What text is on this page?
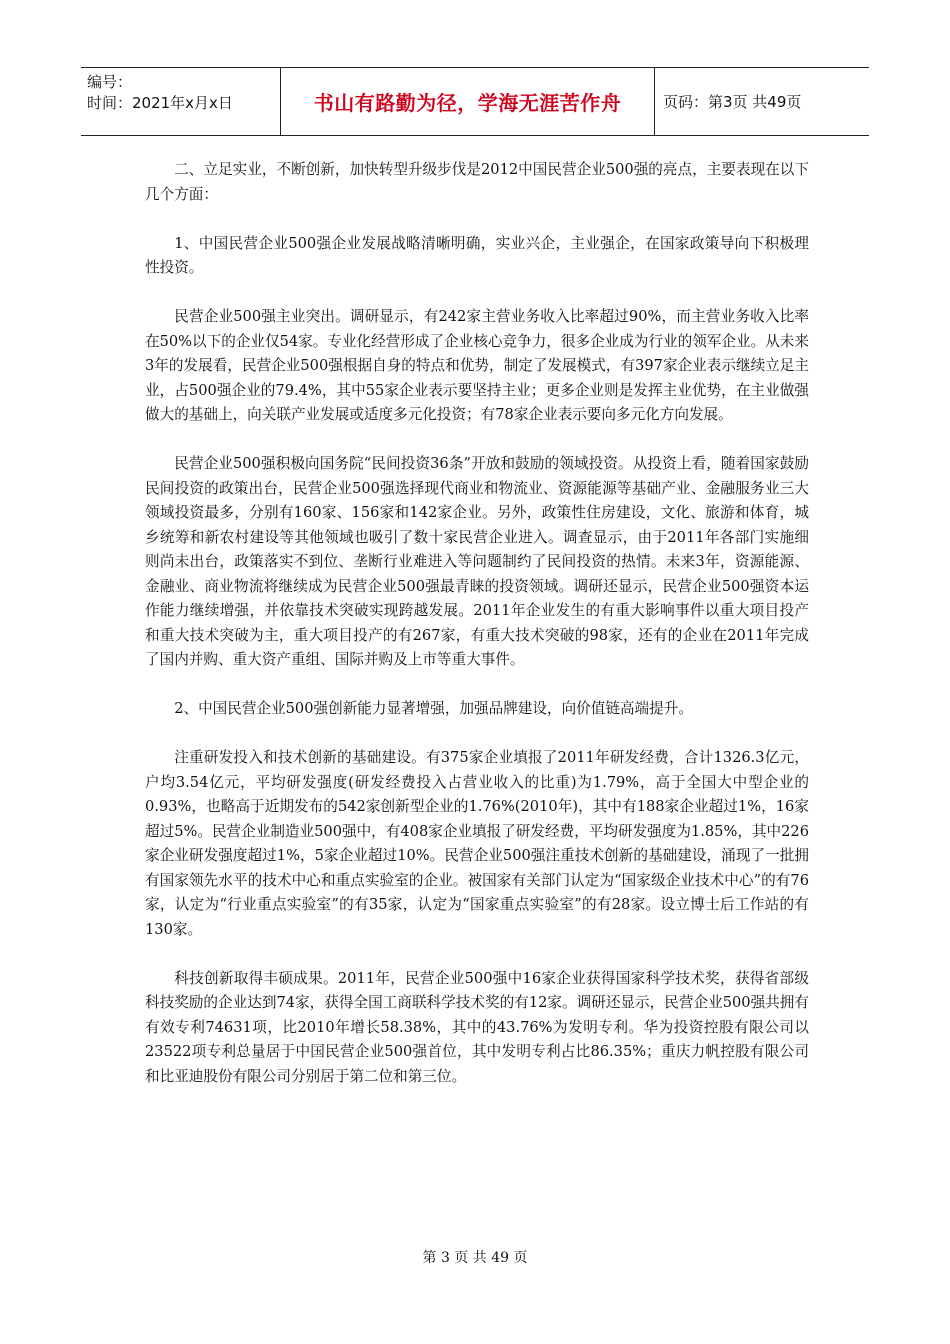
编号：
时间：2021年x月x日	书山有路勤为径，学海无涯苦作舟	页码：第3页 共49页

二、立足实业，不断创新，加快转型升级步伐是2012中国民营企业500强的亮点，主要表现在以下几个方面：

1、中国民营企业500强企业发展战略清晰明确，实业兴企，主业强企，在国家政策导向下积极理性投资。

民营企业500强主业突出。调研显示，有242家主营业务收入比率超过90%，而主营业务收入比率在50%以下的企业仅54家。专业化经营形成了企业核心竞争力，很多企业成为行业的领军企业。从未来3年的发展看，民营企业500强根据自身的特点和优势，制定了发展模式，有397家企业表示继续立足主业，占500强企业的79.4%，其中55家企业表示要坚持主业；更多企业则是发挥主业优势，在主业做强做大的基础上，向关联产业发展或适度多元化投资；有78家企业表示要向多元化方向发展。

民营企业500强积极向国务院“民间投资36条”开放和鼓励的领域投资。从投资上看，随着国家鼓励民间投资的政策出台，民营企业500强选择现代商业和物流业、资源能源等基础产业、金融服务业三大领域投资最多，分别有160家、156家和142家企业。另外，政策性住房建设，文化、旅游和体育，城乡统筹和新农村建设等其他领域也吸引了数十家民营企业进入。调查显示，由于2011年各部门实施细则尚未出台，政策落实不到位、垄断行业难进入等问题制约了民间投资的热情。未来3年，资源能源、金融业、商业物流将继续成为民营企业500强最青睐的投资领域。调研还显示，民营企业500强资本运作能力继续增强，并依靠技术突破实现跨越发展。2011年企业发生的有重大影响事件以重大项目投产和重大技术突破为主，重大项目投产的有267家，有重大技术突破的98家，还有的企业在2011年完成了国内并购、重大资产重组、国际并购及上市等重大事件。

2、中国民营企业500强创新能力显著增强，加强品牌建设，向价值链高端提升。

注重研发投入和技术创新的基础建设。有375家企业填报了2011年研发经费，合计1326.3亿元，户均3.54亿元，平均研发强度(研发经费投入占营业收入的比重)为1.79%，高于全国大中型企业的0.93%，也略高于近期发布的542家创新型企业的1.76%(2010年)，其中有188家企业超过1%，16家超过5%。民营企业制造业500强中，有408家企业填报了研发经费，平均研发强度为1.85%，其中226家企业研发强度超过1%，5家企业超过10%。民营企业500强注重技术创新的基础建设，涌现了一批拥有国家领先水平的技术中心和重点实验室的企业。被国家有关部门认定为“国家级企业技术中心”的有76家，认定为“行业重点实验室”的有35家，认定为“国家重点实验室”的有28家。设立博士后工作站的有130家。

科技创新取得丰硕成果。2011年，民营企业500强中16家企业获得国家科学技术奖，获得省部级科技奖励的企业达到74家，获得全国工商联科学技术奖的有12家。调研还显示，民营企业500强共拥有有效专利74631项，比2010年增长58.38%，其中的43.76%为发明专利。华为投资控股有限公司以23522项专利总量居于中国民营企业500强首位，其中发明专利占比86.35%；重庆力帆控股有限公司和比亚迪股份有限公司分别居于第二位和第三位。

第 3 页 共 49 页
